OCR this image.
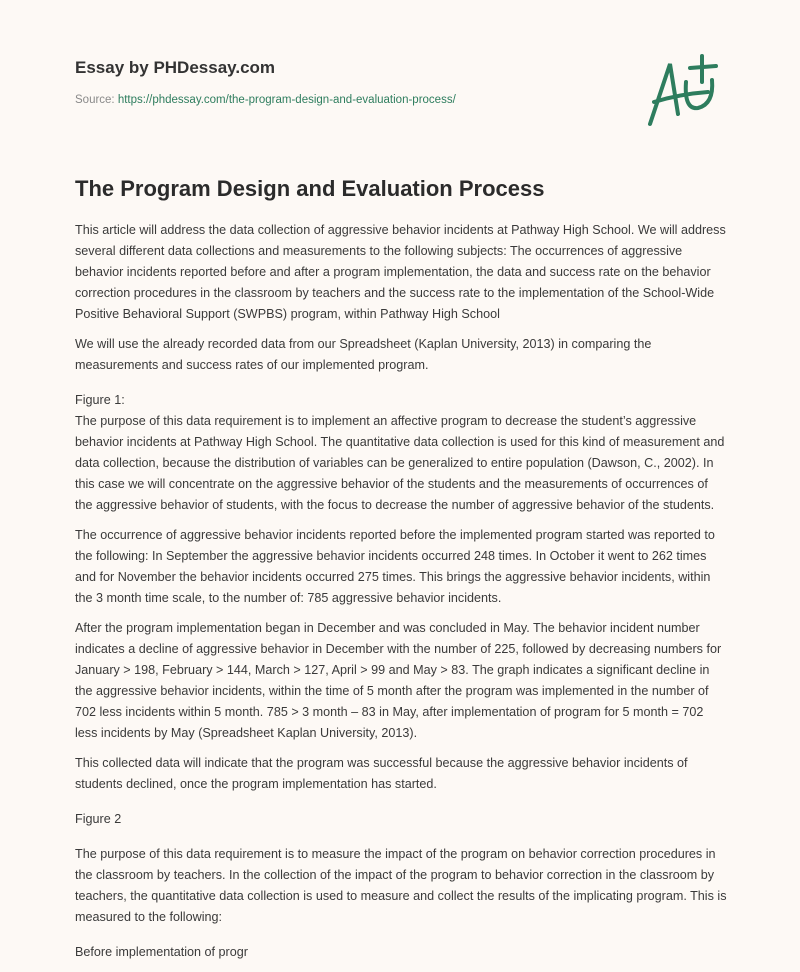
Essay by PHDessay.com
Source: https://phdessay.com/the-program-design-and-evaluation-process/
The Program Design and Evaluation Process

This article will address the data collection of aggressive behavior incidents at Pathway High School. We will address several different data collections and measurements to the following subjects: The occurrences of aggressive behavior incidents reported before and after a program implementation, the data and success rate on the behavior correction procedures in the classroom by teachers and the success rate to the implementation of the School-Wide Positive Behavioral Support (SWPBS) program, within Pathway High School

We will use the already recorded data from our Spreadsheet (Kaplan University, 2013) in comparing the measurements and success rates of our implemented program.

Figure 1:

The purpose of this data requirement is to implement an affective program to decrease the student’s aggressive behavior incidents at Pathway High School. The quantitative data collection is used for this kind of measurement and data collection, because the distribution of variables can be generalized to entire population (Dawson, C., 2002). In this case we will concentrate on the aggressive behavior of the students and the measurements of occurrences of the aggressive behavior of students, with the focus to decrease the number of aggressive behavior of the students.

The occurrence of aggressive behavior incidents reported before the implemented program started was reported to the following: In September the aggressive behavior incidents occurred 248 times. In October it went to 262 times and for November the behavior incidents occurred 275 times. This brings the aggressive behavior incidents, within the 3 month time scale, to the number of: 785 aggressive behavior incidents.

After the program implementation began in December and was concluded in May. The behavior incident number indicates a decline of aggressive behavior in December with the number of 225, followed by decreasing numbers for January > 198, February > 144, March > 127, April > 99 and May > 83. The graph indicates a significant decline in the aggressive behavior incidents, within the time of 5 month after the program was implemented in the number of 702 less incidents within 5 month. 785 > 3 month – 83 in May, after implementation of program for 5 month = 702 less incidents by May (Spreadsheet Kaplan University, 2013).

This collected data will indicate that the program was successful because the aggressive behavior incidents of students declined, once the program implementation has started.

Figure 2

The purpose of this data requirement is to measure the impact of the program on behavior correction procedures in the classroom by teachers. In the collection of the impact of the program to behavior correction in the classroom by teachers, the quantitative data collection is used to measure and collect the results of the implicating program. This is measured to the following:

Before implementation of progr
